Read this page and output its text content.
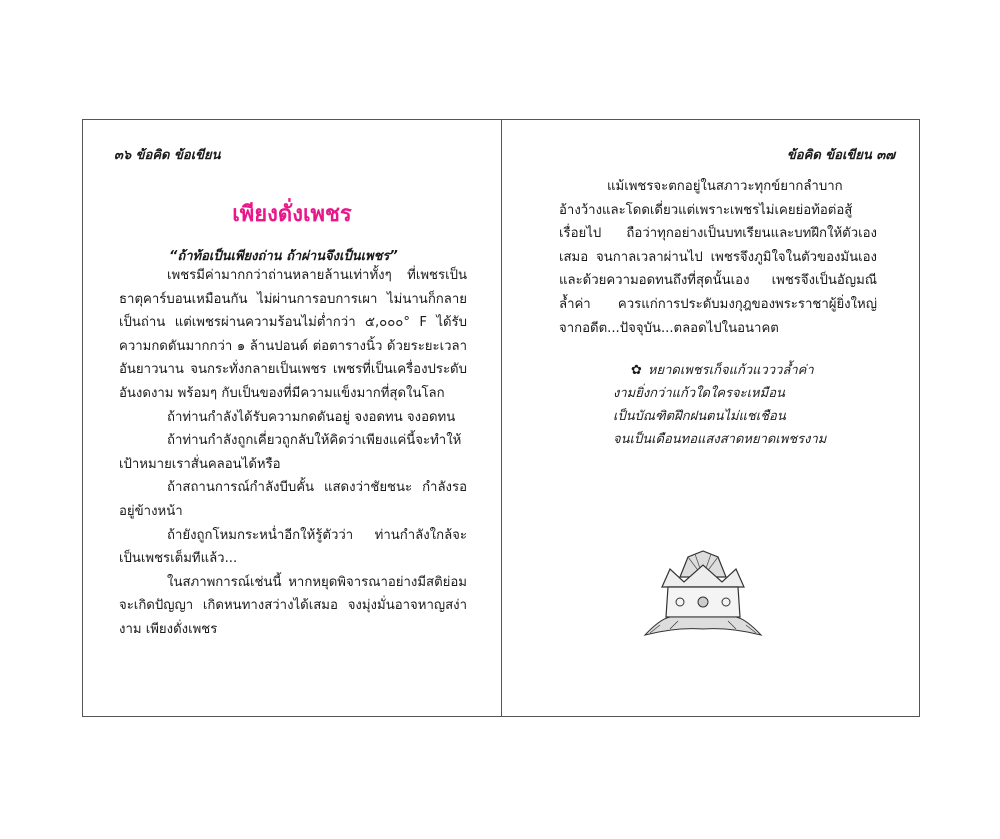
๓๖ ข้อคิด ข้อเขียน
เพียงดั่งเพชร
“ถ้าท้อเป็นเพียงถ่าน ถ้าผ่านจึงเป็นเพชร”

เพชรมีค่ามากกว่าถ่านหลายล้านเท่าทั้งๆ ที่เพชรเป็นธาตุคาร์บอนเหมือนกัน ไม่ผ่านการอบการเผา ไม่นานก็กลายเป็นถ่าน แต่เพชรผ่านความร้อนไม่ต่ำกว่า ๕,๐๐๐° F ได้รับความกดดันมากกว่า ๑ ล้านปอนด์ ต่อตารางนิ้ว ด้วยระยะเวลาอันยาวนาน จนกระทั่งกลายเป็นเพชร เพชรที่เป็นเครื่องประดับอันงดงาม พร้อมๆ กับเป็นของที่มีความแข็งมากที่สุดในโลก

ถ้าท่านกำลังได้รับความกดดันอยู่ จงอดทน จงอดทน

ถ้าท่านกำลังถูกเคี่ยวถูกลับให้คิดว่าเพียงแค่นี้จะทำให้เป้าหมายเราสั่นคลอนได้หรือ

ถ้าสถานการณ์กำลังบีบคั้น แสดงว่าชัยชนะ กำลังรออยู่ข้างหน้า

ถ้ายังถูกโหมกระหน่ำอีกให้รู้ตัวว่า ท่านกำลังใกล้จะเป็นเพชรเต็มทีแล้ว...

ในสภาพการณ์เช่นนี้ หากหยุดพิจารณาอย่างมีสติย่อมจะเกิดปัญญา เกิดหนทางสว่างได้เสมอ จงมุ่งมั่นอาจหาญสง่างาม เพียงดั่งเพชร

ข้อคิด ข้อเขียน ๓๗

แม้เพชรจะตกอยู่ในสภาวะทุกข์ยากลำบาก อ้างว้างและโดดเดี่ยวแต่เพราะเพชรไม่เคยย่อท้อต่อสู้เรื่อยไป ถือว่าทุกอย่างเป็นบทเรียนและบทฝึกให้ตัวเองเสมอ จนกาลเวลาผ่านไป เพชรจึงภูมิใจในตัวของมันเอง และด้วยความอดทนถึงที่สุดนั้นเอง เพชรจึงเป็นอัญมณีล้ำค่า ควรแก่การประดับมงกุฎของพระราชาผู้ยิ่งใหญ่ จากอดีต...ปัจจุบัน...ตลอดไปในอนาคต

✿ หยาดเพชรเก็จแก้วแวววล้ำค่า
งามยิ่งกว่าแก้วใดใครจะเหมือน
เป็นบัณฑิตฝึกฝนตนไม่แชเชือน
จนเป็นเดือนทอแสงสาดหยาดเพชรงาม
